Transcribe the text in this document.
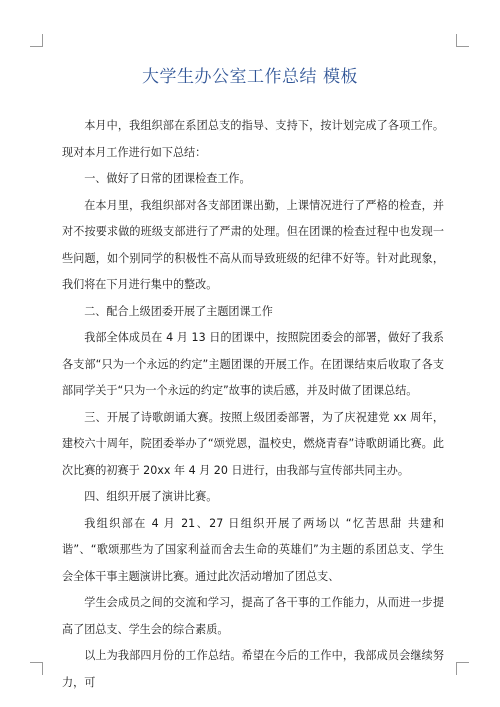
大学生办公室工作总结 模板

本月中，我组织部在系团总支的指导、支持下，按计划完成了各项工作。现对本月工作进行如下总结：

一、做好了日常的团课检查工作。

在本月里，我组织部对各支部团课出勤，上课情况进行了严格的检查，并对不按要求做的班级支部进行了严肃的处理。但在团课的检查过程中也发现一些问题，如个别同学的积极性不高从而导致班级的纪律不好等。针对此现象，我们将在下月进行集中的整改。

二、配合上级团委开展了主题团课工作

我部全体成员在 4 月 13 日的团课中，按照院团委会的部署，做好了我系各支部“只为一个永远的约定”主题团课的开展工作。在团课结束后收取了各支部同学关于“只为一个永远的约定”故事的读后感，并及时做了团课总结。

三、开展了诗歌朗诵大赛。按照上级团委部署，为了庆祝建党 xx 周年，建校六十周年，院团委举办了“颂党恩，温校史，燃烧青春”诗歌朗诵比赛。此次比赛的初赛于 20xx 年 4 月 20 日进行，由我部与宣传部共同主办。

四、组织开展了演讲比赛。

我组织部在 4 月 21、27 日组织开展了两场以 “忆苦思甜 共建和谐”、“歌颂那些为了国家利益而舍去生命的英雄们”为主题的系团总支、学生会全体干事主题演讲比赛。通过此次活动增加了团总支、

学生会成员之间的交流和学习，提高了各干事的工作能力，从而进一步提高了团总支、学生会的综合素质。

以上为我部四月份的工作总结。希望在今后的工作中，我部成员会继续努力，可
